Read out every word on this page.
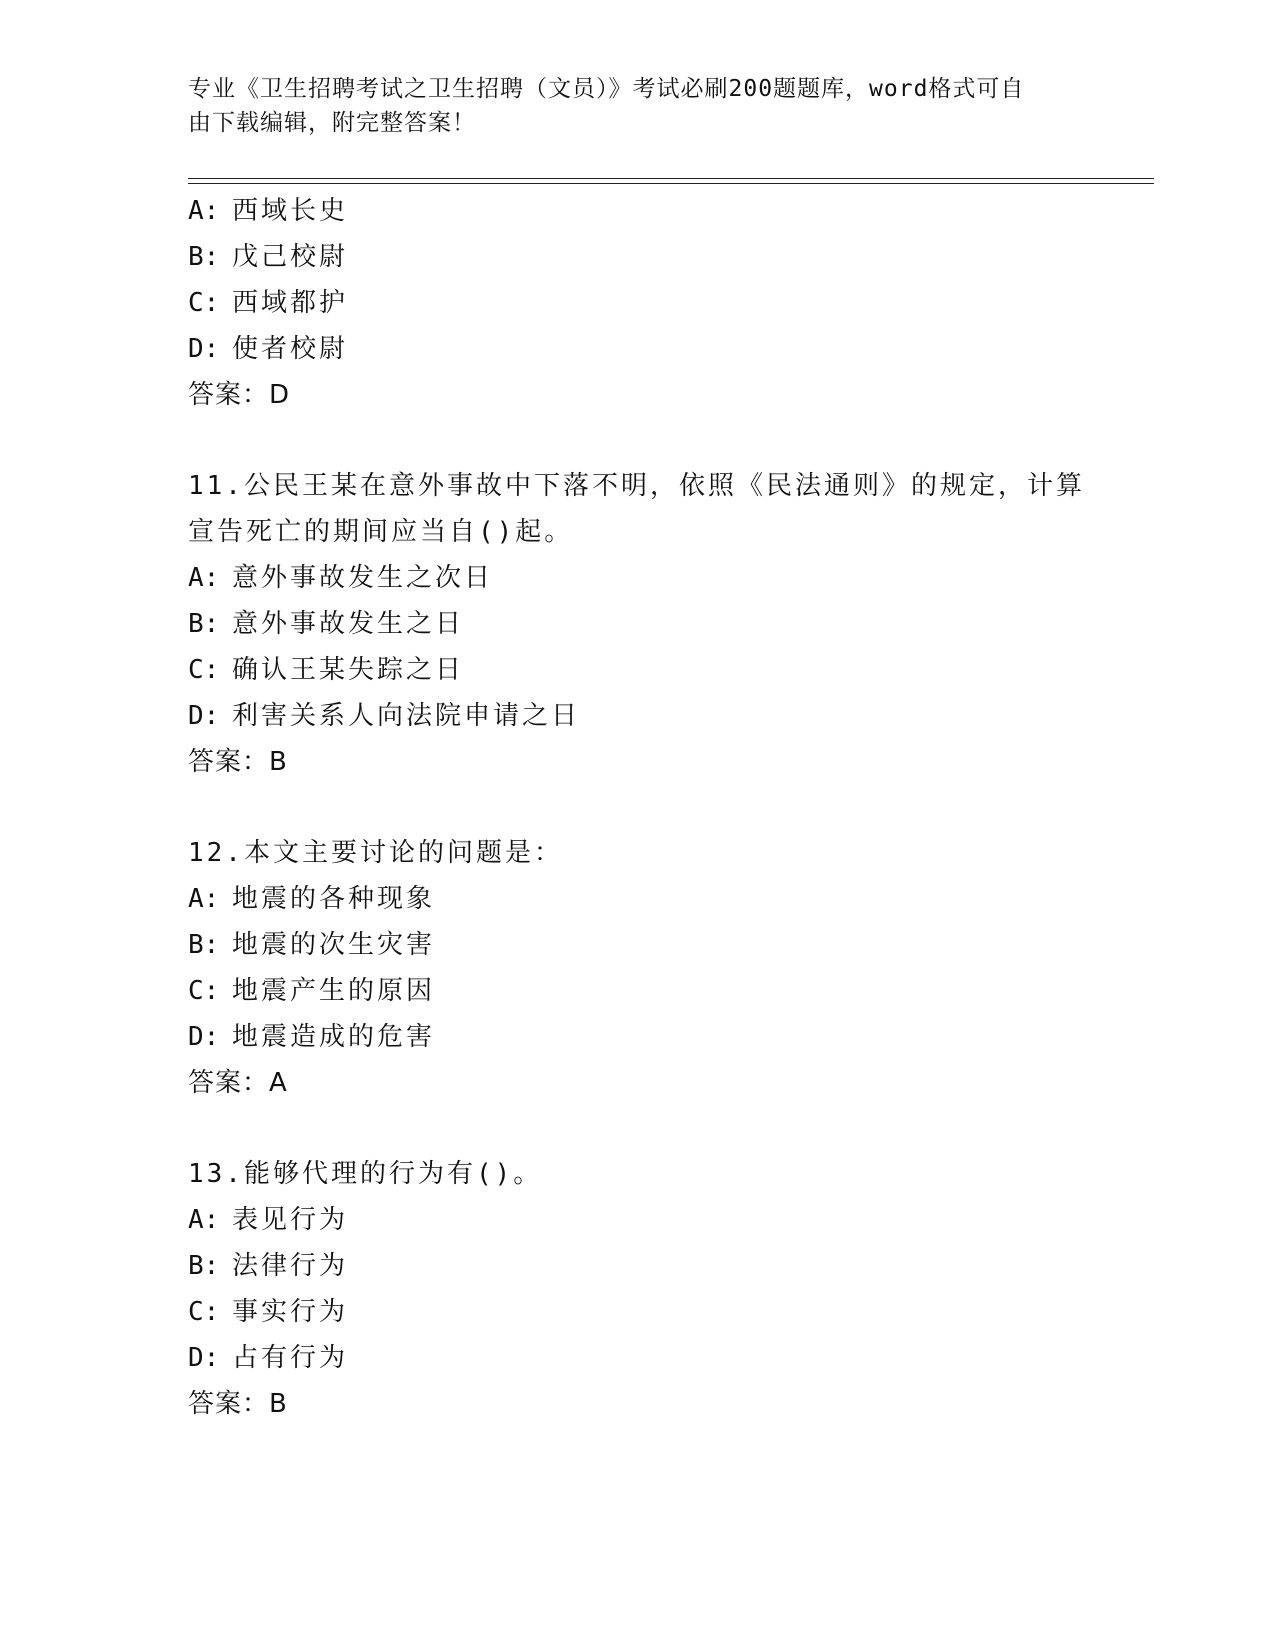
专业《卫生招聘考试之卫生招聘（文员）》考试必刷200题题库，word格式可自
由下载编辑，附完整答案！
A: 西域长史
B: 戊己校尉
C: 西域都护
D: 使者校尉
答案：D
11.公民王某在意外事故中下落不明，依照《民法通则》的规定，计算
宣告死亡的期间应当自()起。
A: 意外事故发生之次日
B: 意外事故发生之日
C: 确认王某失踪之日
D: 利害关系人向法院申请之日
答案：B
12.本文主要讨论的问题是：
A: 地震的各种现象
B: 地震的次生灾害
C: 地震产生的原因
D: 地震造成的危害
答案：A
13.能够代理的行为有()。
A: 表见行为
B: 法律行为
C: 事实行为
D: 占有行为
答案：B
